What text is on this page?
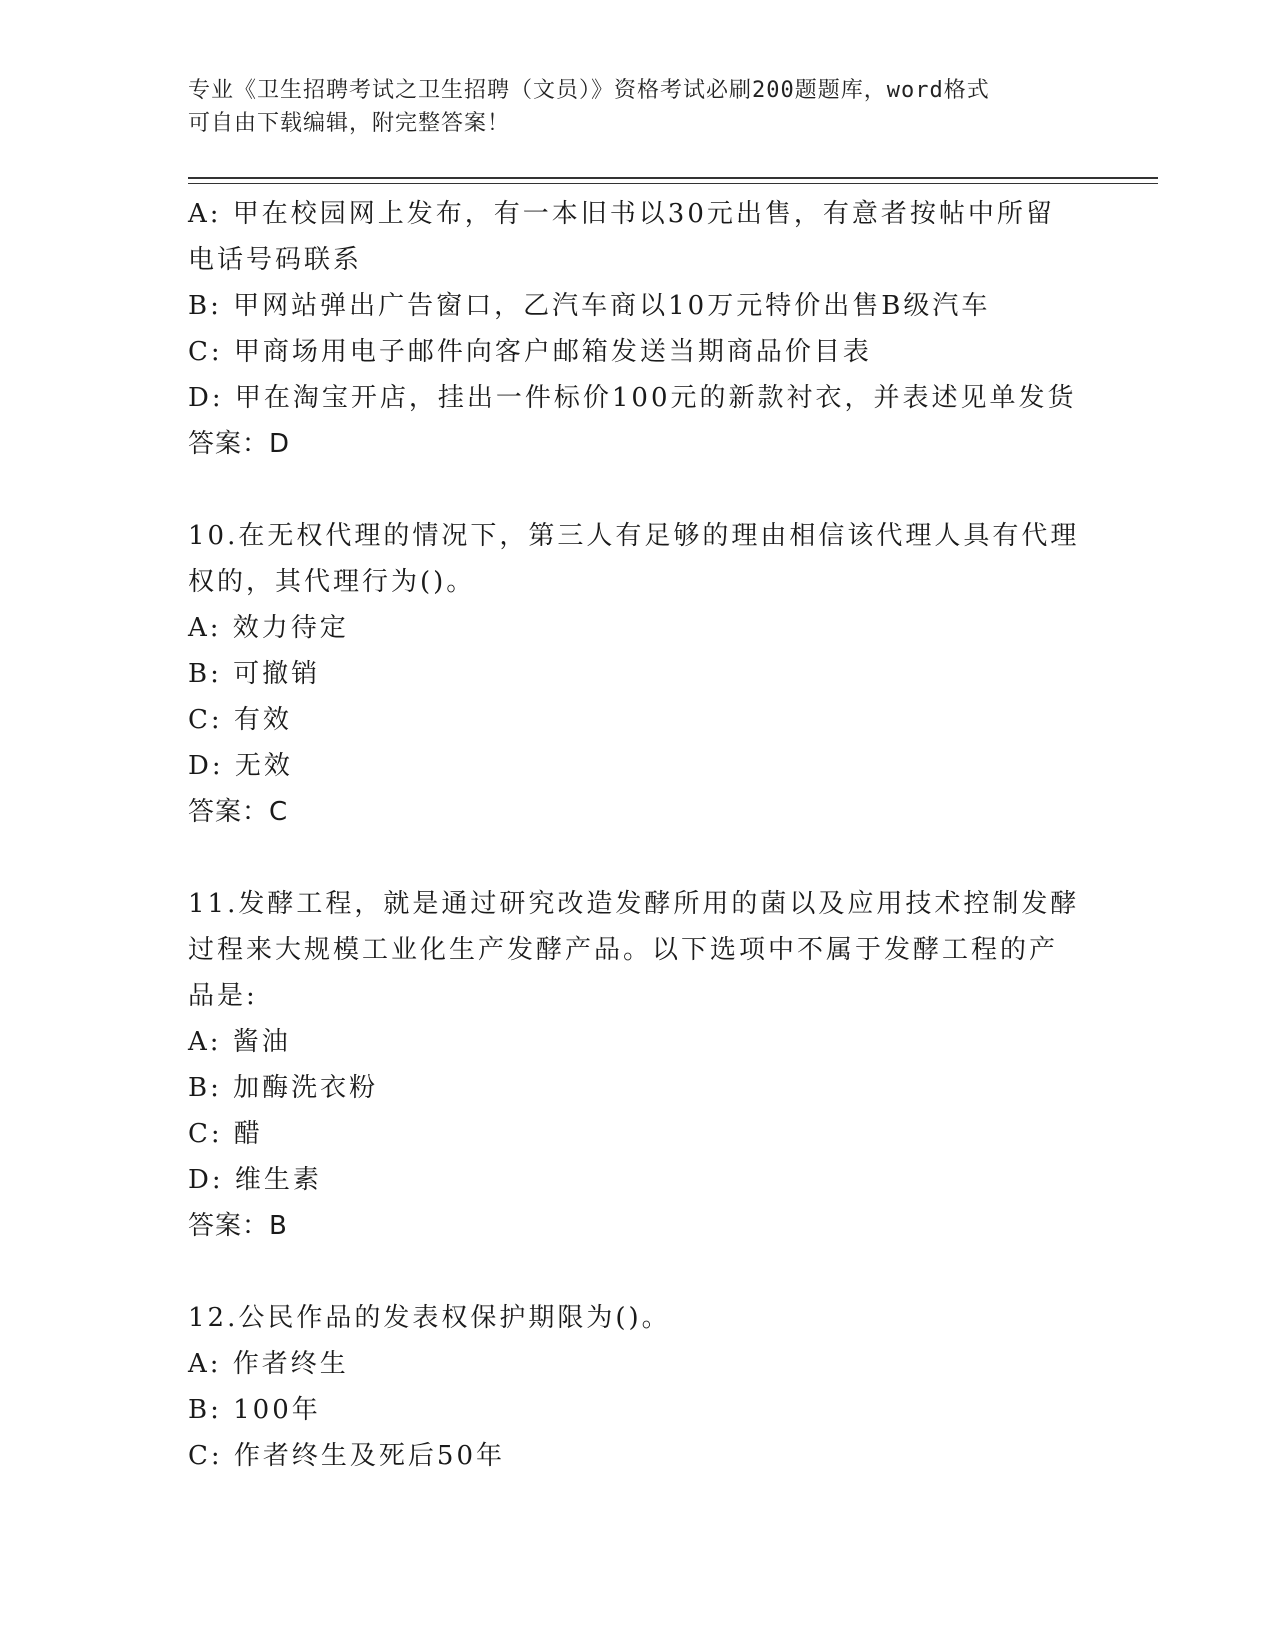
专业《卫生招聘考试之卫生招聘（文员）》资格考试必刷200题题库，word格式
可自由下载编辑，附完整答案！
A: 甲在校园网上发布，有一本旧书以30元出售，有意者按帖中所留
电话号码联系
B: 甲网站弹出广告窗口，乙汽车商以10万元特价出售B级汽车
C: 甲商场用电子邮件向客户邮箱发送当期商品价目表
D: 甲在淘宝开店，挂出一件标价100元的新款衬衣，并表述见单发货
答案：D
10.在无权代理的情况下，第三人有足够的理由相信该代理人具有代理
权的，其代理行为()。
A: 效力待定
B: 可撤销
C: 有效
D: 无效
答案：C
11.发酵工程，就是通过研究改造发酵所用的菌以及应用技术控制发酵
过程来大规模工业化生产发酵产品。以下选项中不属于发酵工程的产
品是:
A: 酱油
B: 加酶洗衣粉
C: 醋
D: 维生素
答案：B
12.公民作品的发表权保护期限为()。
A: 作者终生
B: 100年
C: 作者终生及死后50年
